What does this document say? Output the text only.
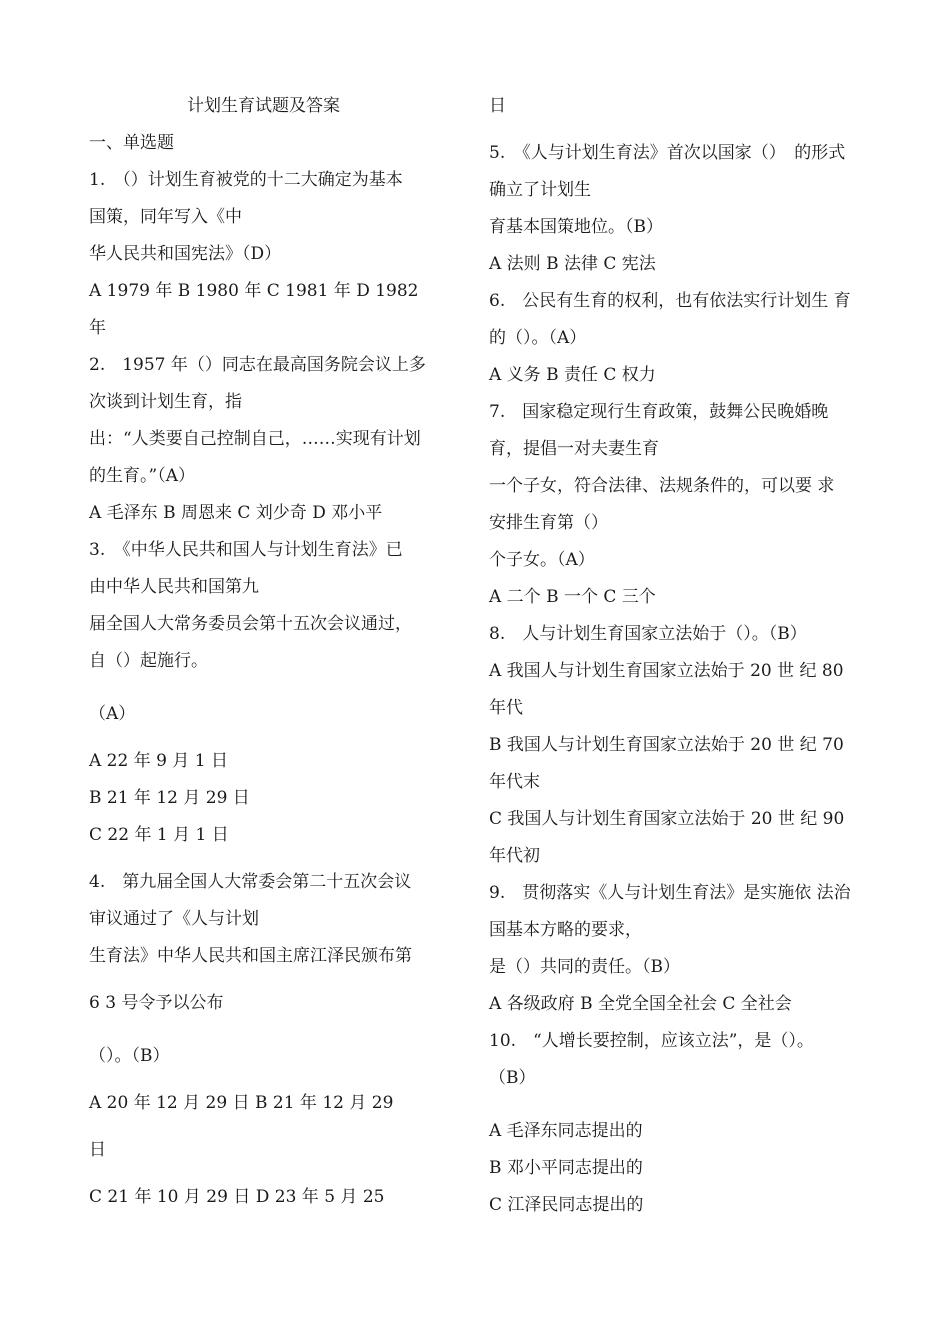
计划生育试题及答案
一、单选题
1.　（）计划生育被党的十二大确定为基本
国策，同年写入《中
华人民共和国宪法》（D）
A 1979 年 B 1980 年 C 1981 年 D 1982
年
2.　1957 年（）同志在最高国务院会议上多
次谈到计划生育，指
出：“人类要自己控制自己，……实现有计划
的生育。”（A）
A 毛泽东 B 周恩来 C 刘少奇 D 邓小平
3.　《中华人民共和国人与计划生育法》已
由中华人民共和国第九
届全国人大常务委员会第十五次会议通过，
自（）起施行。
（A）
A 22 年 9 月 1 日
B 21 年 12 月 29 日
C 22 年 1 月 1 日
4.　第九届全国人大常委会第二十五次会议
审议通过了《人与计划
生育法》中华人民共和国主席江泽民颁布第
6 3 号令予以公布
（）。（B）
A 20 年 12 月 29 日 B 21 年 12 月 29
日
C 21 年 10 月 29 日 D 23 年 5 月 25
日
5.　《人与计划生育法》首次以国家（）　的形式
确立了计划生
育基本国策地位。（B）
A 法则 B 法律 C 宪法
6.　公民有生育的权利，也有依法实行计划生 育
的（）。（A）
A 义务 B 责任 C 权力
7.　国家稳定现行生育政策，鼓舞公民晚婚晚
育，提倡一对夫妻生育
一个子女，符合法律、法规条件的，可以要 求
安排生育第（）
个子女。（A）
A 二个 B 一个 C 三个
8.　人与计划生育国家立法始于（）。（B）
A 我国人与计划生育国家立法始于 20 世 纪 80
年代
B 我国人与计划生育国家立法始于 20 世 纪 70
年代末
C 我国人与计划生育国家立法始于 20 世 纪 90
年代初
9.　贯彻落实《人与计划生育法》是实施依 法治
国基本方略的要求，
是（）共同的责任。（B）
A 各级政府 B 全党全国全社会 C 全社会
10.　“人增长要控制，应该立法”，是（）。
（B）
A 毛泽东同志提出的
B 邓小平同志提出的
C 江泽民同志提出的
